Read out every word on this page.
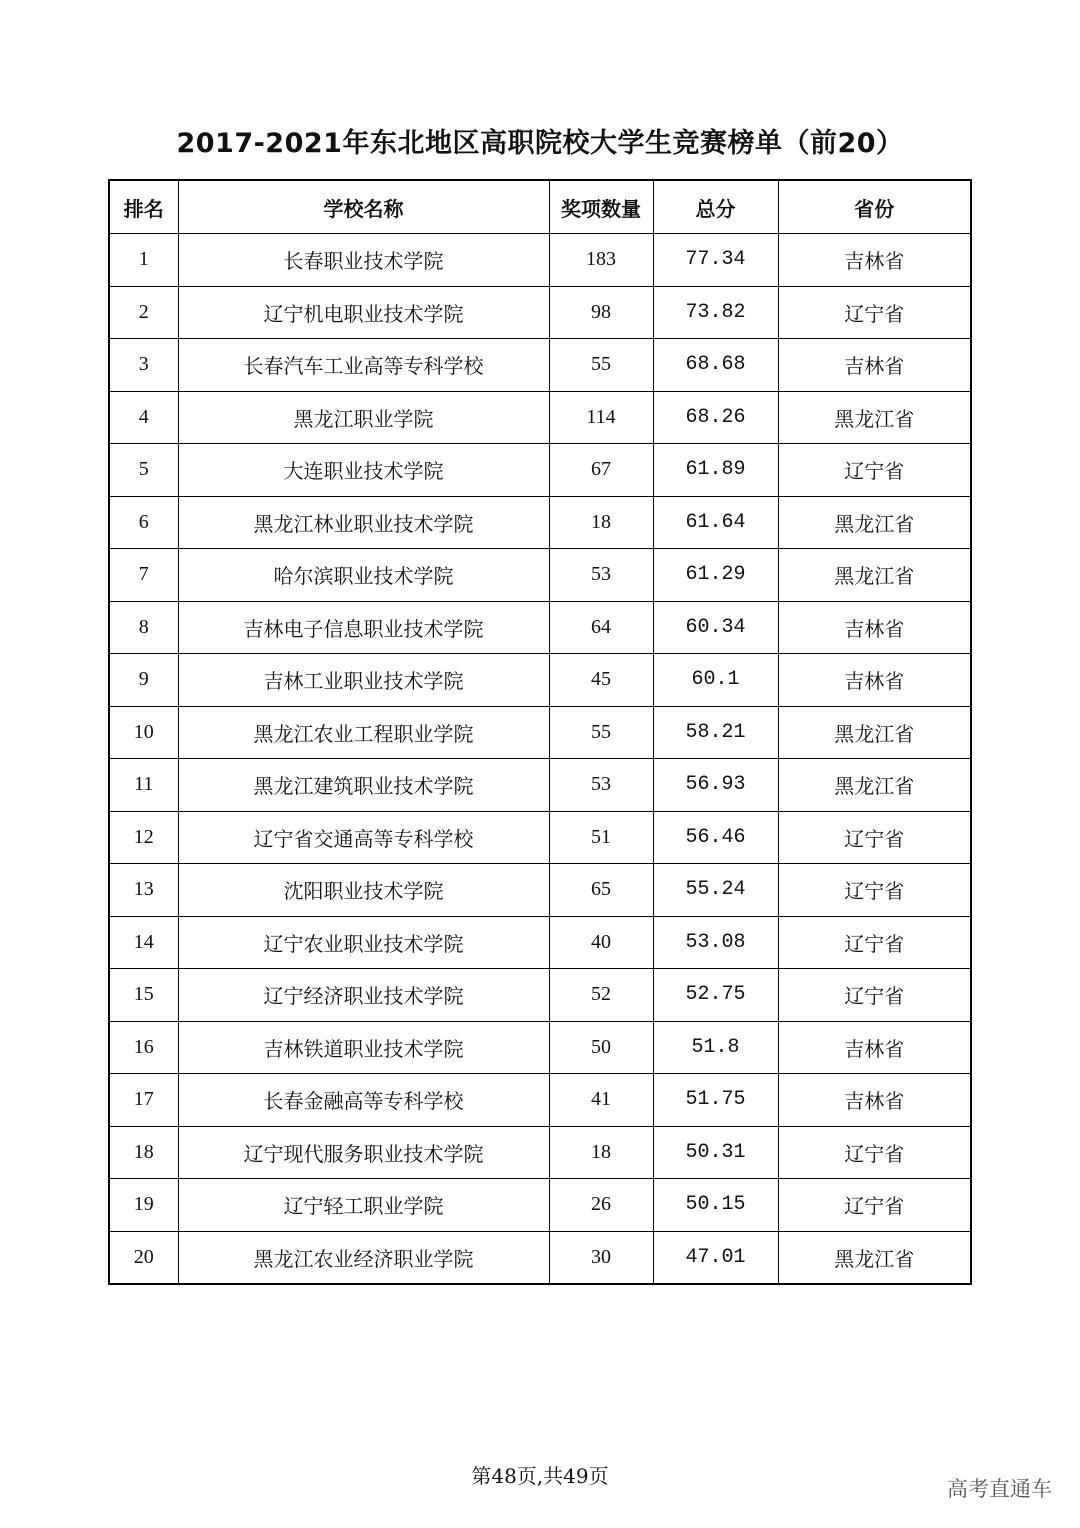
2017-2021年东北地区高职院校大学生竞赛榜单（前20）
排名	学校名称	奖项数量	总分	省份
1	长春职业技术学院	183	77.34	吉林省
2	辽宁机电职业技术学院	98	73.82	辽宁省
3	长春汽车工业高等专科学校	55	68.68	吉林省
4	黑龙江职业学院	114	68.26	黑龙江省
5	大连职业技术学院	67	61.89	辽宁省
6	黑龙江林业职业技术学院	18	61.64	黑龙江省
7	哈尔滨职业技术学院	53	61.29	黑龙江省
8	吉林电子信息职业技术学院	64	60.34	吉林省
9	吉林工业职业技术学院	45	60.1	吉林省
10	黑龙江农业工程职业学院	55	58.21	黑龙江省
11	黑龙江建筑职业技术学院	53	56.93	黑龙江省
12	辽宁省交通高等专科学校	51	56.46	辽宁省
13	沈阳职业技术学院	65	55.24	辽宁省
14	辽宁农业职业技术学院	40	53.08	辽宁省
15	辽宁经济职业技术学院	52	52.75	辽宁省
16	吉林铁道职业技术学院	50	51.8	吉林省
17	长春金融高等专科学校	41	51.75	吉林省
18	辽宁现代服务职业技术学院	18	50.31	辽宁省
19	辽宁轻工职业学院	26	50.15	辽宁省
20	黑龙江农业经济职业学院	30	47.01	黑龙江省
第48页,共49页
高考直通车
